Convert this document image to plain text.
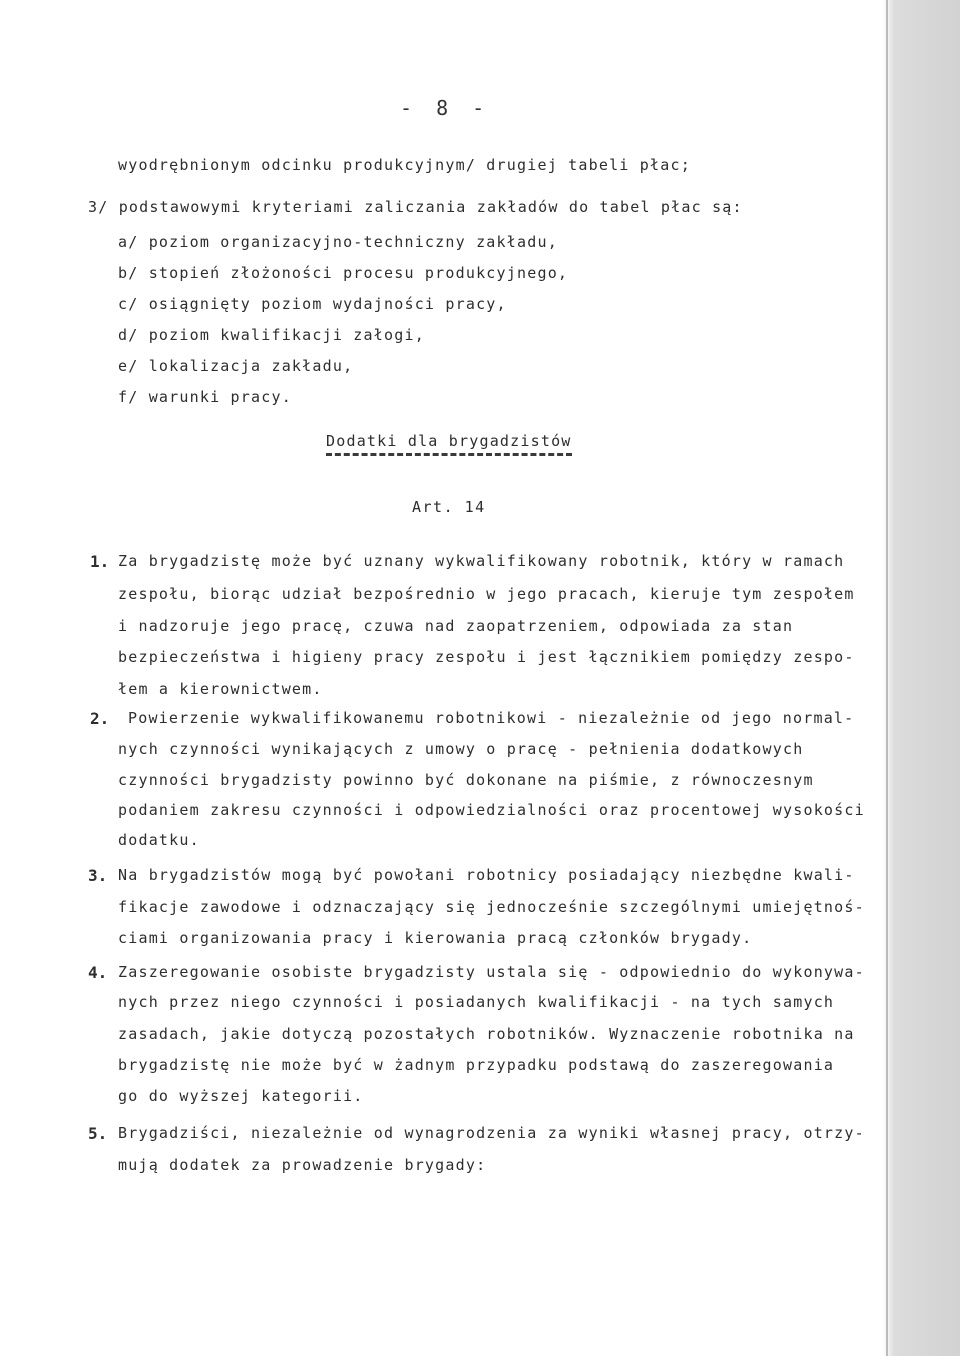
- 8 -
wyodrębnionym odcinku produkcyjnym/ drugiej tabeli płac;
3/ podstawowymi kryteriami zaliczania zakładów do tabel płac są:
a/ poziom organizacyjno-techniczny zakładu,
b/ stopień złożoności procesu produkcyjnego,
c/ osiągnięty poziom wydajności pracy,
d/ poziom kwalifikacji załogi,
e/ lokalizacja zakładu,
f/ warunki pracy.
Dodatki dla brygadzistów
Art. 14
1. Za brygadzistę może być uznany wykwalifikowany robotnik, który w ramach
zespołu, biorąc udział bezpośrednio w jego pracach, kieruje tym zespołem
i nadzoruje jego pracę, czuwa nad zaopatrzeniem, odpowiada za stan
bezpieczeństwa i higieny pracy zespołu i jest łącznikiem pomiędzy zespo-
łem a kierownictwem.
2. Powierzenie wykwalifikowanemu robotnikowi - niezależnie od jego normal-
nych czynności wynikających z umowy o pracę - pełnienia dodatkowych
czynności brygadzisty powinno być dokonane na piśmie, z równoczesnym
podaniem zakresu czynności i odpowiedzialności oraz procentowej wysokości
dodatku.
3. Na brygadzistów mogą być powołani robotnicy posiadający niezbędne kwali-
fikacje zawodowe i odznaczający się jednocześnie szczególnymi umiejętnoś-
ciami organizowania pracy i kierowania pracą członków brygady.
4. Zaszeregowanie osobiste brygadzisty ustala się - odpowiednio do wykonywa-
nych przez niego czynności i posiadanych kwalifikacji - na tych samych
zasadach, jakie dotyczą pozostałych robotników. Wyznaczenie robotnika na
brygadzistę nie może być w żadnym przypadku podstawą do zaszeregowania
go do wyższej kategorii.
5. Brygadziści, niezależnie od wynagrodzenia za wyniki własnej pracy, otrzy-
mują dodatek za prowadzenie brygady:
